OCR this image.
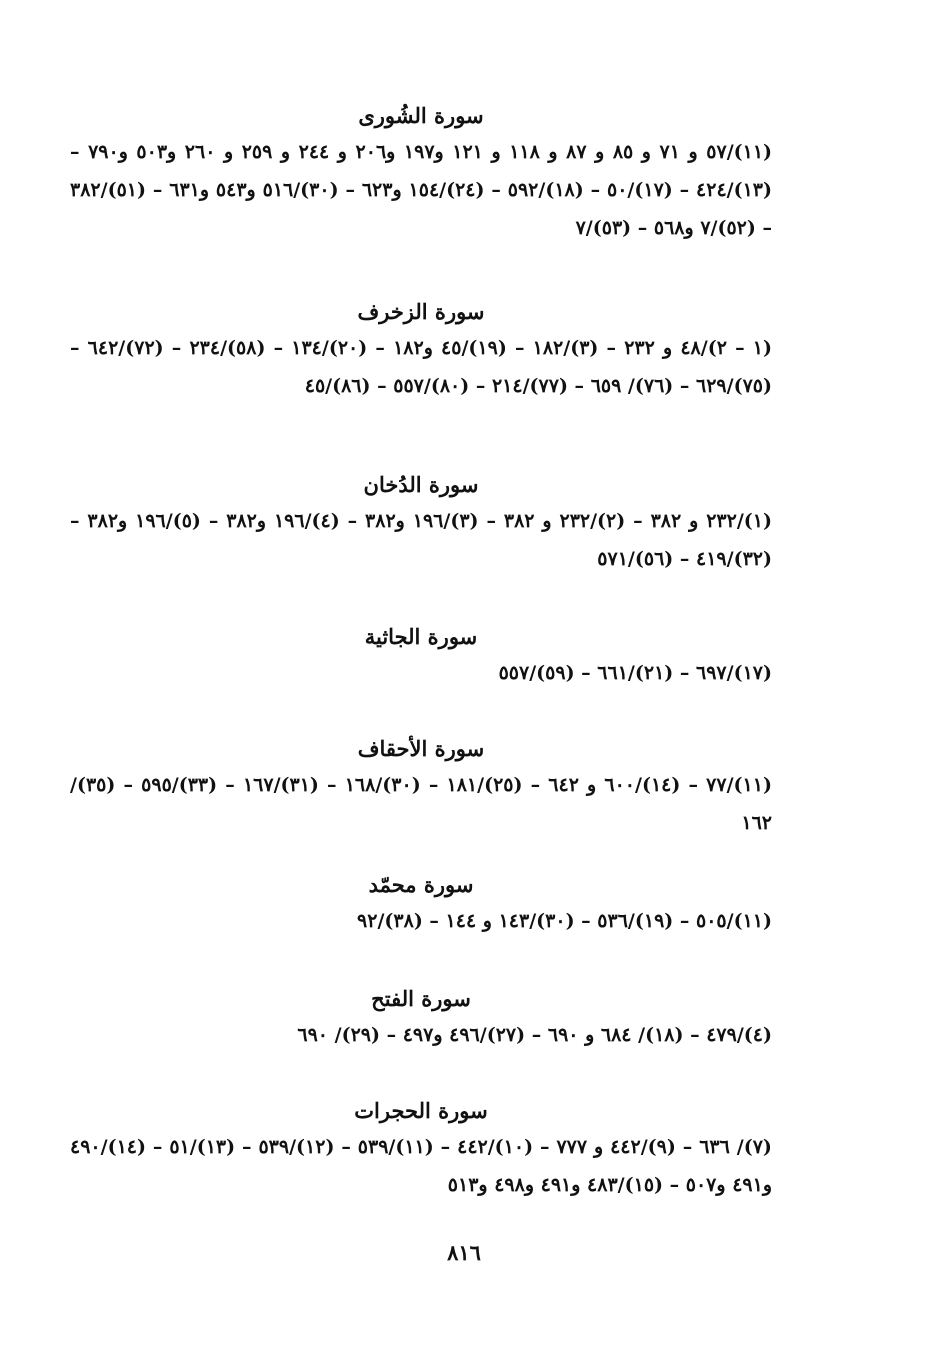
سورة الشُورى
(١١)/٥٧ و ٧١ و ٨٥ و ٨٧ و ١١٨ و ١٢١ و١٩٧ و٢٠٦ و ٢٤٤ و ٢٥٩ و ٢٦٠ و٥٠٣ و٧٩٠ – (١٣)/٤٢٤ – (١٧)/٥٠ – (١٨)/٥٩٢ – (٢٤)/١٥٤ و٦٢٣ – (٣٠)/٥١٦ و٥٤٣ و٦٣١ – (٥١)/٣٨٢ – (٥٢)/٧ و٥٦٨ – (٥٣)/٧
سورة الزخرف
(١ – ٢)/٤٨ و ٢٣٢ – (٣)/١٨٢ – (١٩)/٤٥ و١٨٢ – (٢٠)/١٣٤ – (٥٨)/٢٣٤ – (٧٢)/٦٤٢ – (٧٥)/٦٢٩ – (٧٦)/ ٦٥٩ – (٧٧)/٢١٤ – (٨٠)/٥٥٧ – (٨٦)/٤٥
سورة الدُخان
(١)/٢٣٢ و ٣٨٢ – (٢)/٢٣٢ و ٣٨٢ – (٣)/١٩٦ و٣٨٢ – (٤)/١٩٦ و٣٨٢ – (٥)/١٩٦ و٣٨٢ – (٣٢)/٤١٩ – (٥٦)/٥٧١
سورة الجاثية
(١٧)/٦٩٧ – (٢١)/٦٦١ – (٥٩)/٥٥٧
سورة الأحقاف
(١١)/٧٧ – (١٤)/٦٠٠ و ٦٤٢ – (٢٥)/١٨١ – (٣٠)/١٦٨ – (٣١)/١٦٧ – (٣٣)/٥٩٥ – (٣٥)/١٦٢
سورة محمّد
(١١)/٥٠٥ – (١٩)/٥٣٦ – (٣٠)/١٤٣ و ١٤٤ – (٣٨)/٩٢
سورة الفتح
(٤)/٤٧٩ – (١٨)/ ٦٨٤ و ٦٩٠ – (٢٧)/٤٩٦ و٤٩٧ – (٢٩)/ ٦٩٠
سورة الحجرات
(٧)/ ٦٣٦ – (٩)/٤٤٢ و ٧٧٧ – (١٠)/٤٤٢ – (١١)/٥٣٩ – (١٢)/٥٣٩ – (١٣)/٥١ – (١٤)/٤٩٠ و٤٩١ و٥٠٧ – (١٥)/٤٨٣ و٤٩١ و٤٩٨ و٥١٣
٨١٦
